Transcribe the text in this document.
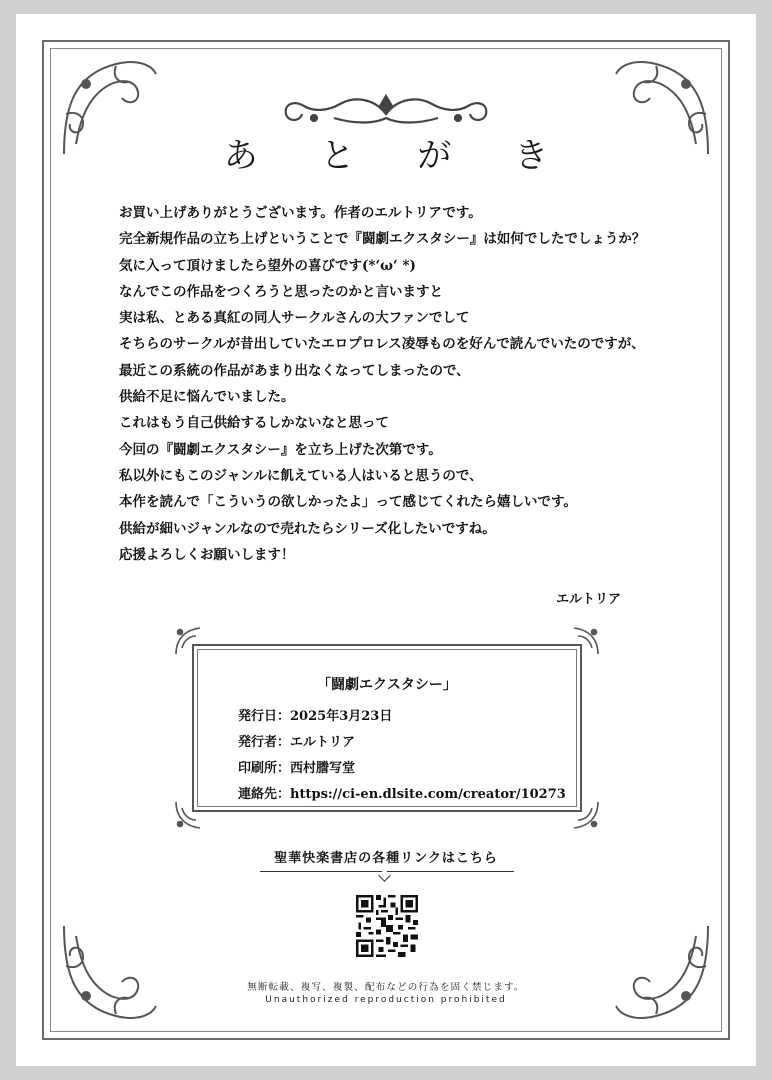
あ と が き
お買い上げありがとうございます。作者のエルトリアです。
完全新規作品の立ち上げということで『闘劇エクスタシー』は如何でしたでしょうか？
気に入って頂けましたら望外の喜びです(*‘ω‘ *)
なんでこの作品をつくろうと思ったのかと言いますと
実は私、とある真紅の同人サークルさんの大ファンでして
そちらのサークルが昔出していたエロプロレス凌辱ものを好んで読んでいたのですが、
最近この系統の作品があまり出なくなってしまったので、
供給不足に悩んでいました。
これはもう自己供給するしかないなと思って
今回の『闘劇エクスタシー』を立ち上げた次第です。
私以外にもこのジャンルに飢えている人はいると思うので、
本作を読んで「こういうの欲しかったよ」って感じてくれたら嬉しいです。
供給が細いジャンルなので売れたらシリーズ化したいですね。
応援よろしくお願いします！
エルトリア
「闘劇エクスタシー」
発行日：2025年3月23日
発行者：エルトリア
印刷所：西村謄写堂
連絡先：https://ci-en.dlsite.com/creator/10273
聖華快楽書店の各種リンクはこちら
無断転載、複写、複製、配布などの行為を固く禁じます。
Unauthorized reproduction prohibited
